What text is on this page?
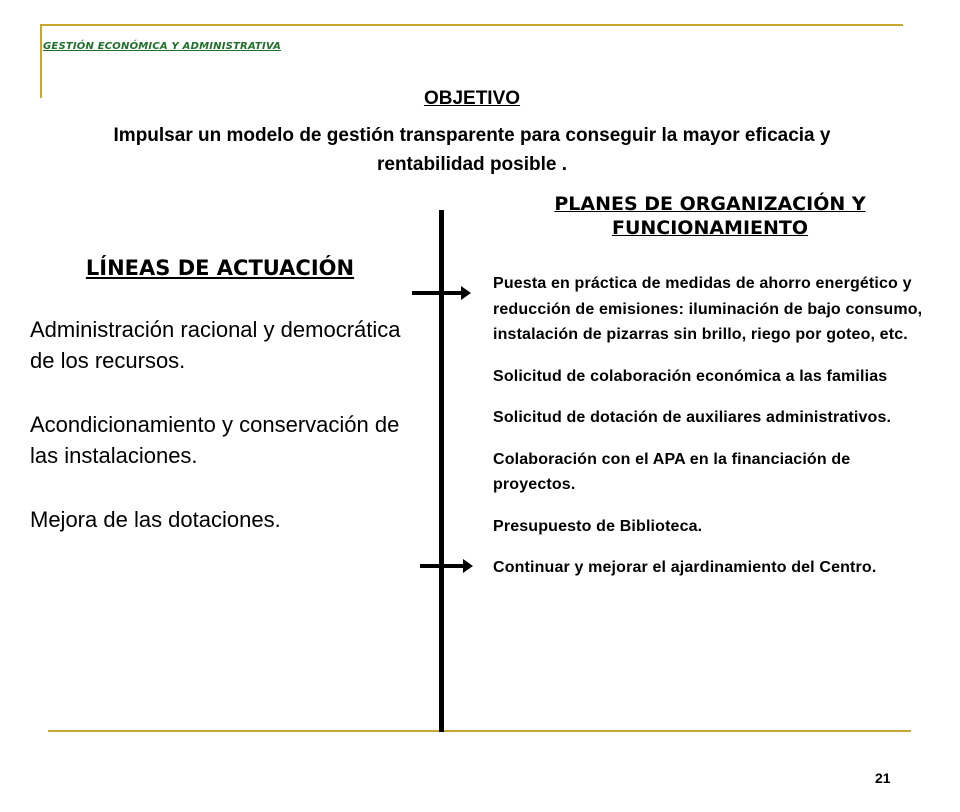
GESTIÓN ECONÓMICA Y ADMINISTRATIVA
OBJETIVO
Impulsar un modelo de gestión transparente para conseguir la mayor eficacia y rentabilidad posible .
LÍNEAS DE ACTUACIÓN
Administración racional y democrática de los recursos.
Acondicionamiento y conservación de las instalaciones.
Mejora de las dotaciones.
PLANES DE ORGANIZACIÓN Y FUNCIONAMIENTO
Puesta en práctica de medidas de ahorro energético y reducción de emisiones: iluminación de bajo consumo, instalación de pizarras sin brillo, riego por goteo, etc.
Solicitud de colaboración económica a las familias
Solicitud de dotación de auxiliares administrativos.
Colaboración con el APA en la financiación de proyectos.
Presupuesto de Biblioteca.
Continuar y mejorar el ajardinamiento del Centro.
21
